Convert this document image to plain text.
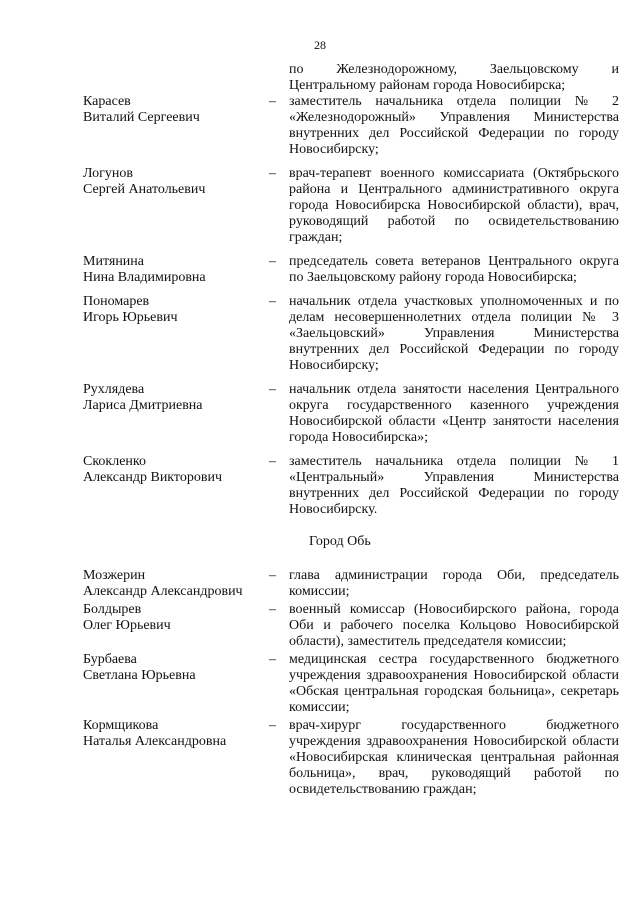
28
по Железнодорожному, Заельцовскому и Центральному районам города Новосибирска;
Карасев
Виталий Сергеевич
– заместитель начальника отдела полиции № 2 «Железнодорожный» Управления Министерства внутренних дел Российской Федерации по городу Новосибирску;
Логунов
Сергей Анатольевич
– врач-терапевт военного комиссариата (Октябрьского района и Центрального административного округа города Новосибирска Новосибирской области), врач, руководящий работой по освидетельствованию граждан;
Митянина
Нина Владимировна
– председатель совета ветеранов Центрального округа по Заельцовскому району города Новосибирска;
Пономарев
Игорь Юрьевич
– начальник отдела участковых уполномоченных и по делам несовершеннолетних отдела полиции № 3 «Заельцовский» Управления Министерства внутренних дел Российской Федерации по городу Новосибирску;
Рухлядева
Лариса Дмитриевна
– начальник отдела занятости населения Центрального округа государственного казенного учреждения Новосибирской области «Центр занятости населения города Новосибирска»;
Скокленко
Александр Викторович
– заместитель начальника отдела полиции № 1 «Центральный» Управления Министерства внутренних дел Российской Федерации по городу Новосибирску.
Город Обь
Мозжерин
Александр Александрович
– глава администрации города Оби, председатель комиссии;
Болдырев
Олег Юрьевич
– военный комиссар (Новосибирского района, города Оби и рабочего поселка Кольцово Новосибирской области), заместитель председателя комиссии;
Бурбаева
Светлана Юрьевна
– медицинская сестра государственного бюджетного учреждения здравоохранения Новосибирской области «Обская центральная городская больница», секретарь комиссии;
Кормщикова
Наталья Александровна
– врач-хирург государственного бюджетного учреждения здравоохранения Новосибирской области «Новосибирская клиническая центральная районная больница», врач, руководящий работой по освидетельствованию граждан;
